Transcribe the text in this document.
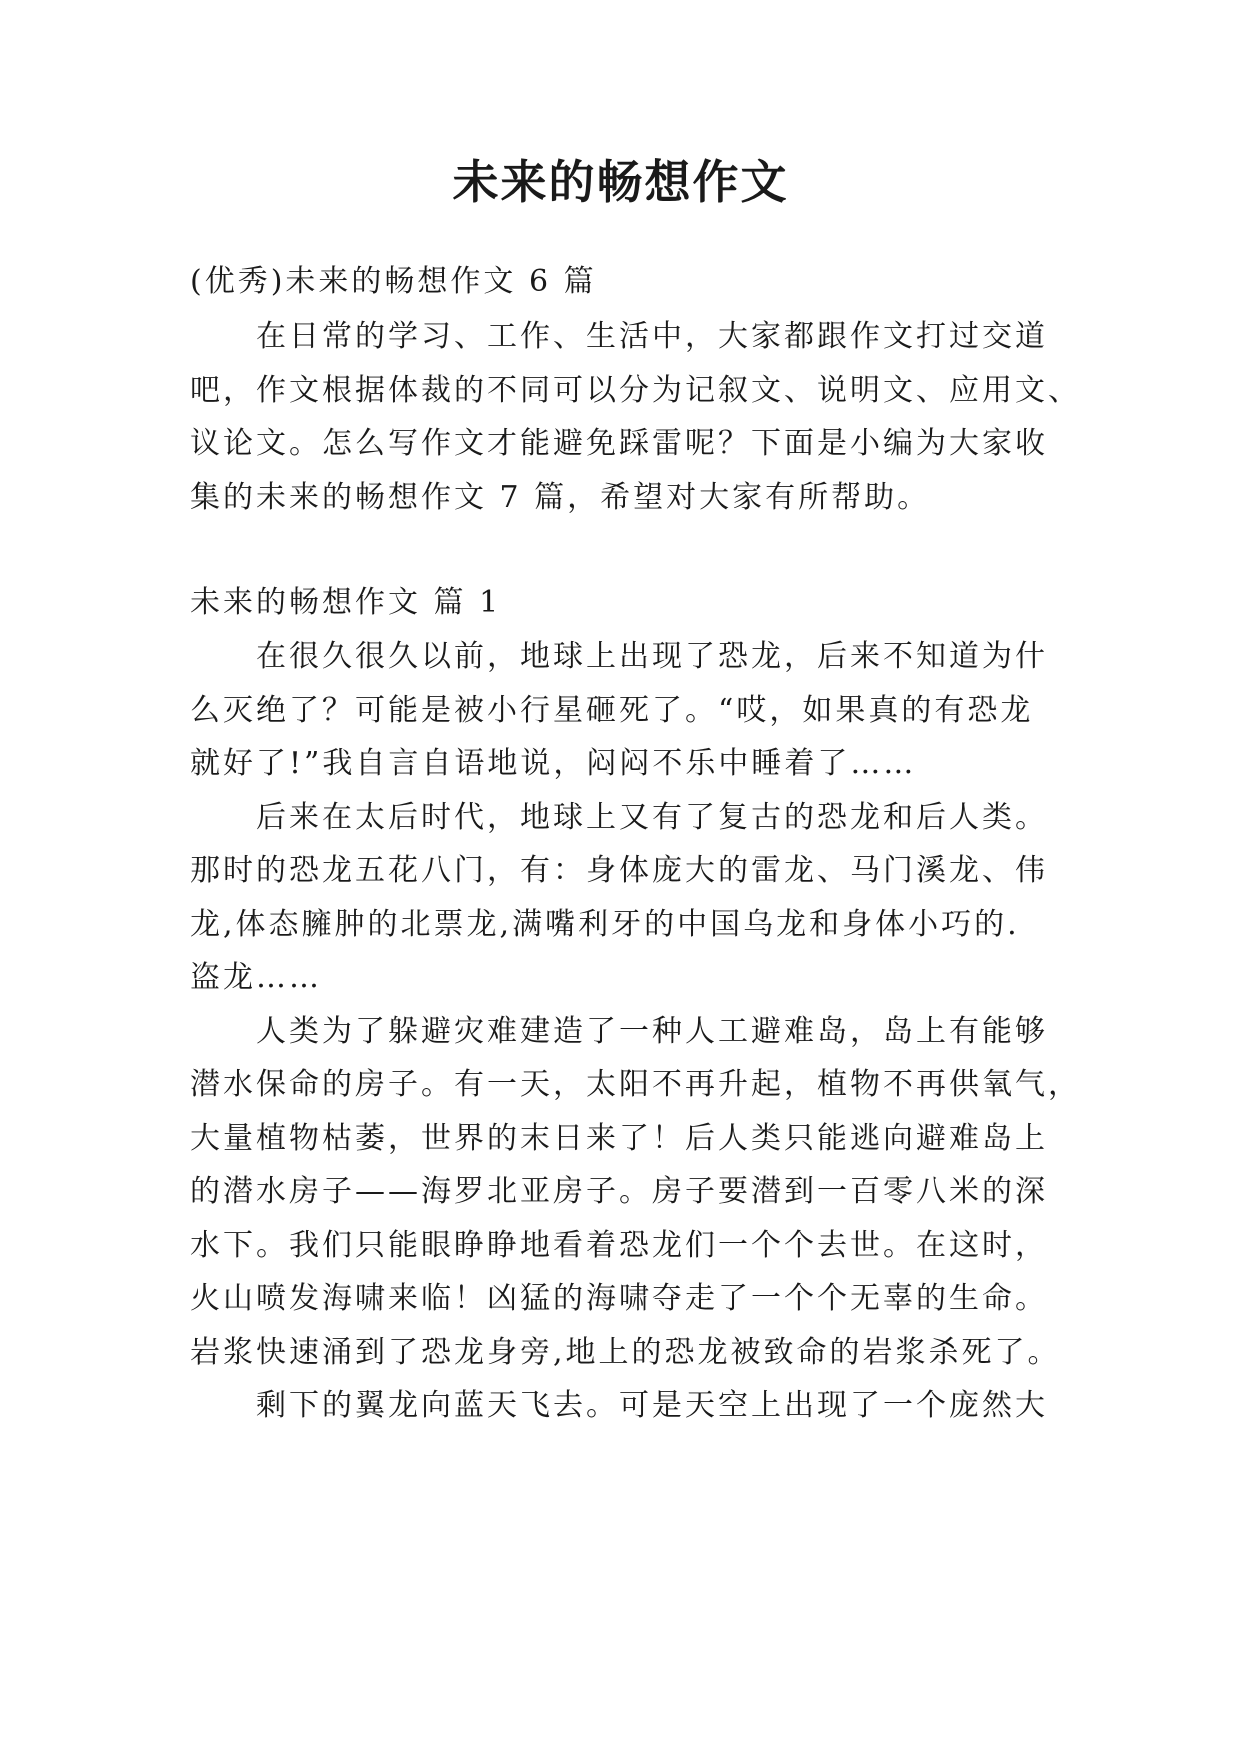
未来的畅想作文

(优秀)未来的畅想作文 6 篇

在日常的学习、工作、生活中，大家都跟作文打过交道

吧，作文根据体裁的不同可以分为记叙文、说明文、应用文、

议论文。怎么写作文才能避免踩雷呢？下面是小编为大家收

集的未来的畅想作文 7 篇，希望对大家有所帮助。

未来的畅想作文 篇 1

在很久很久以前，地球上出现了恐龙，后来不知道为什

么灭绝了？可能是被小行星砸死了。“哎，如果真的有恐龙

就好了!”我自言自语地说，闷闷不乐中睡着了……

后来在太后时代，地球上又有了复古的恐龙和后人类。

那时的恐龙五花八门，有：身体庞大的雷龙、马门溪龙、伟

龙,体态臃肿的北票龙,满嘴利牙的中国乌龙和身体小巧的.

盗龙……

人类为了躲避灾难建造了一种人工避难岛，岛上有能够

潜水保命的房子。有一天，太阳不再升起，植物不再供氧气，

大量植物枯萎，世界的末日来了！后人类只能逃向避难岛上

的潜水房子——海罗北亚房子。房子要潜到一百零八米的深

水下。我们只能眼睁睁地看着恐龙们一个个去世。在这时，

火山喷发海啸来临！凶猛的海啸夺走了一个个无辜的生命。

岩浆快速涌到了恐龙身旁,地上的恐龙被致命的岩浆杀死了。

剩下的翼龙向蓝天飞去。可是天空上出现了一个庞然大
